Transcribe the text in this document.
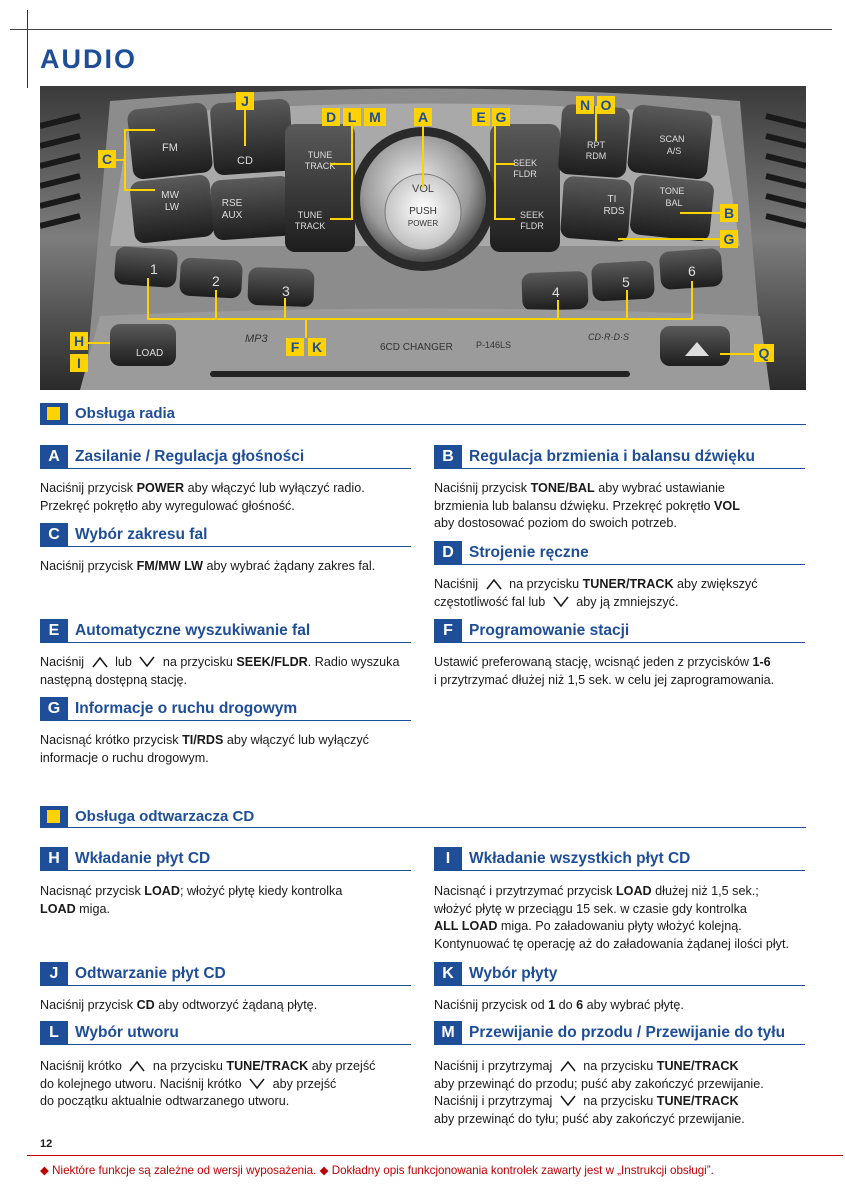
AUDIO
FM
CD
MW
LW	RSE
AUX
TUNE
TRACK
TUNE
TRACK
SEEK
FLDR
SEEK
FLDR
VOL
PUSH
POWER
RPT
RDM
SCAN
A/S
TI
RDS
TONE
BAL
1
2
3	4
5
6
LOAD
MP3
6CD CHANGER	P-146LS
CD·R·D·S
J
C
D L M	A	E G
N O
B
G
F K
H
I
Q
Obsługa radia
A Zasilanie / Regulacja głośności
Naciśnij przycisk POWER aby włączyć lub wyłączyć radio.
Przekręć pokrętło aby wyregulować głośność.
B Regulacja brzmienia i balansu dźwięku
Naciśnij przycisk TONE/BAL aby wybrać ustawianie
brzmienia lub balansu dźwięku. Przekręć pokrętło VOL
aby dostosować poziom do swoich potrzeb.
C Wybór zakresu fal
Naciśnij przycisk FM/MW LW aby wybrać żądany zakres fal.
D Strojenie ręczne
Naciśnij  na przycisku TUNER/TRACK aby zwiększyć
częstotliwość fal lub  aby ją zmniejszyć.
E	Automatyczne wyszukiwanie fal
Naciśnij  lub  na przycisku SEEK/FLDR. Radio wyszuka
następną dostępną stację.
F	Programowanie stacji
Ustawić preferowaną stację, wcisnąć jeden z przycisków 1-6
i przytrzymać dłużej niż 1,5 sek. w celu jej zaprogramowania.
G Informacje o ruchu drogowym
Nacisnąć krótko przycisk TI/RDS aby włączyć lub wyłączyć
informacje o ruchu drogowym.
Obsługa odtwarzacza CD
H Wkładanie płyt CD
Nacisnąć przycisk LOAD; włożyć płytę kiedy kontrolka
LOAD miga.
I	Wkładanie wszystkich płyt CD
Nacisnąć i przytrzymać przycisk LOAD dłużej niż 1,5 sek.;
włożyć płytę w przeciągu 15 sek. w czasie gdy kontrolka
ALL LOAD miga. Po załadowaniu płyty włożyć kolejną.
Kontynuować tę operację aż do załadowania żądanej ilości płyt.
J	Odtwarzanie płyt CD
Naciśnij przycisk CD aby odtworzyć żądaną płytę.
K Wybór płyty
Naciśnij przycisk od 1 do 6 aby wybrać płytę.
L	Wybór utworu
Naciśnij krótko  na przycisku TUNE/TRACK aby przejść
do kolejnego utworu. Naciśnij krótko  aby przejść
do początku aktualnie odtwarzanego utworu.
M Przewijanie do przodu / Przewijanie do tyłu
Naciśnij i przytrzymaj  na przycisku TUNE/TRACK
aby przewinąć do przodu; puść aby zakończyć przewijanie.
Naciśnij i przytrzymaj  na przycisku TUNE/TRACK
aby przewinąć do tyłu; puść aby zakończyć przewijanie.
12
◆ Niektóre funkcje są zależne od wersji wyposażenia. ◆ Dokładny opis funkcjonowania kontrolek zawarty jest w „Instrukcji obsługi”.
